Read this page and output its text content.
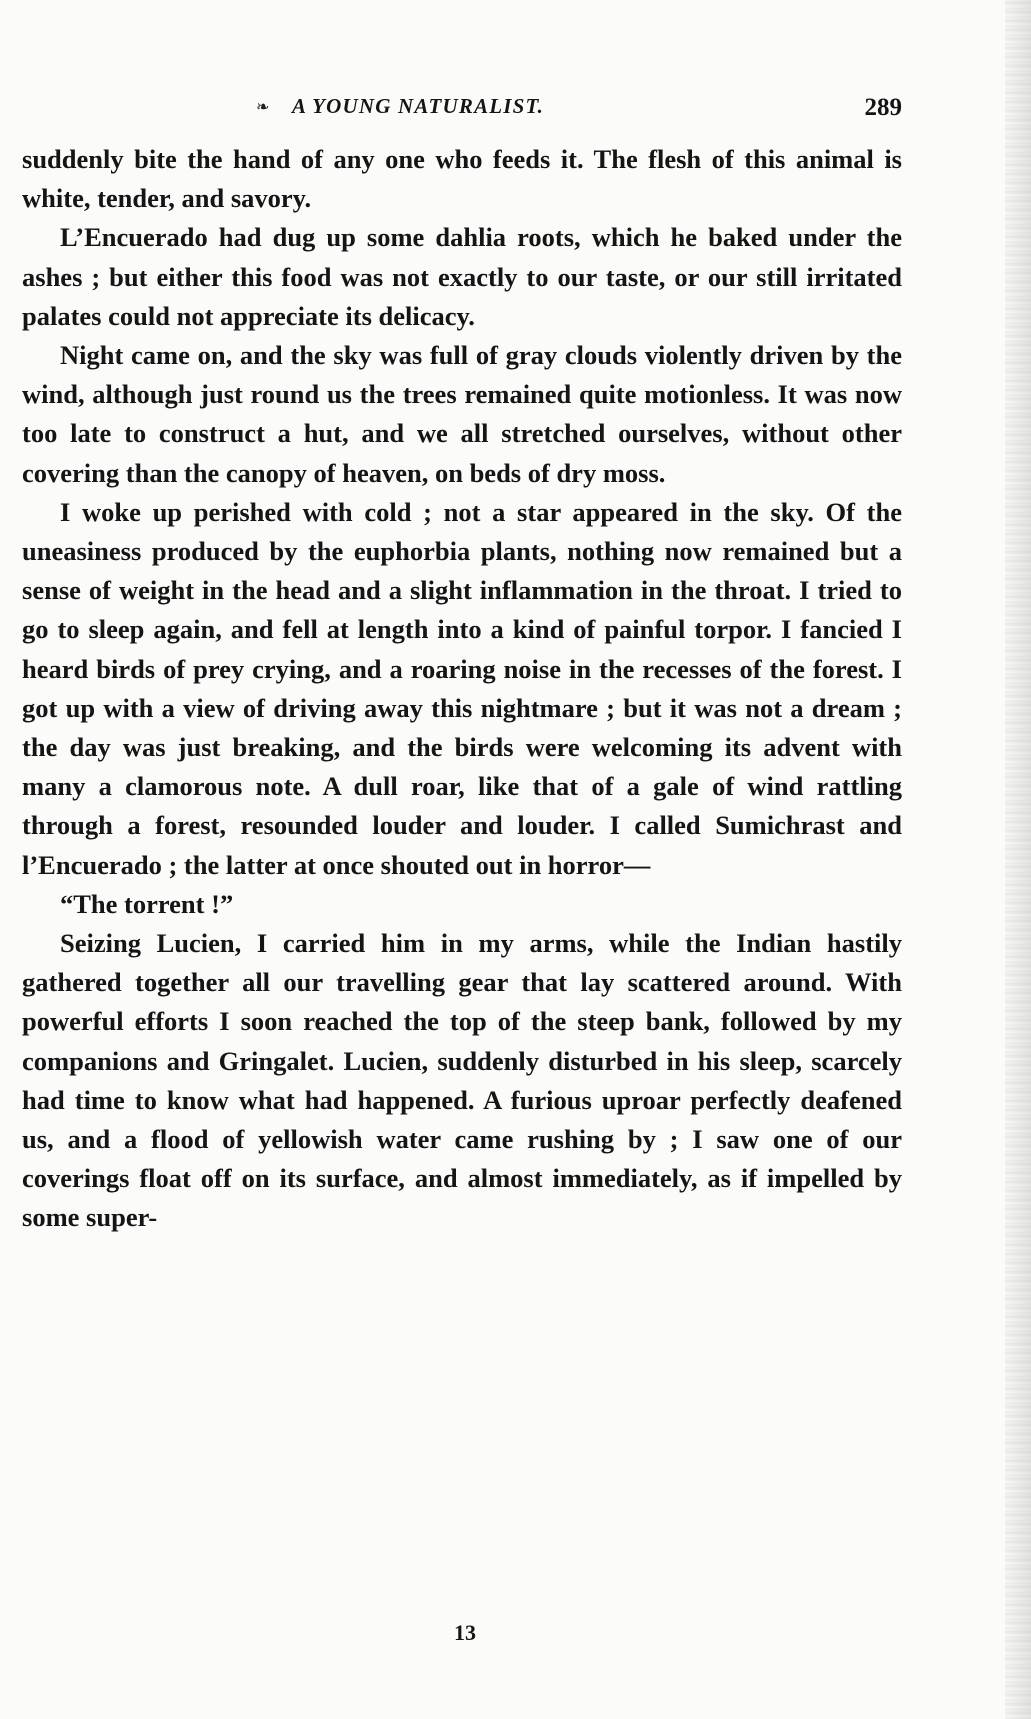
❧ A YOUNG NATURALIST.	289

suddenly bite the hand of any one who feeds it. The flesh of this animal is white, tender, and savory.

L’Encuerado had dug up some dahlia roots, which he baked under the ashes ; but either this food was not exactly to our taste, or our still irritated palates could not appreciate its delicacy.

Night came on, and the sky was full of gray clouds violently driven by the wind, although just round us the trees remained quite motionless. It was now too late to construct a hut, and we all stretched ourselves, without other covering than the canopy of heaven, on beds of dry moss.

I woke up perished with cold ; not a star appeared in the sky. Of the uneasiness produced by the euphorbia plants, nothing now remained but a sense of weight in the head and a slight inflammation in the throat. I tried to go to sleep again, and fell at length into a kind of painful torpor. I fancied I heard birds of prey crying, and a roaring noise in the recesses of the forest. I got up with a view of driving away this nightmare ; but it was not a dream ; the day was just breaking, and the birds were welcoming its advent with many a clamorous note. A dull roar, like that of a gale of wind rattling through a forest, resounded louder and louder. I called Sumichrast and l’Encuerado ; the latter at once shouted out in horror—

“The torrent !”

Seizing Lucien, I carried him in my arms, while the Indian hastily gathered together all our travelling gear that lay scattered around. With powerful efforts I soon reached the top of the steep bank, followed by my companions and Gringalet. Lucien, suddenly disturbed in his sleep, scarcely had time to know what had happened. A furious uproar perfectly deafened us, and a flood of yellowish water came rushing by ; I saw one of our coverings float off on its surface, and almost immediately, as if impelled by some super-

13
